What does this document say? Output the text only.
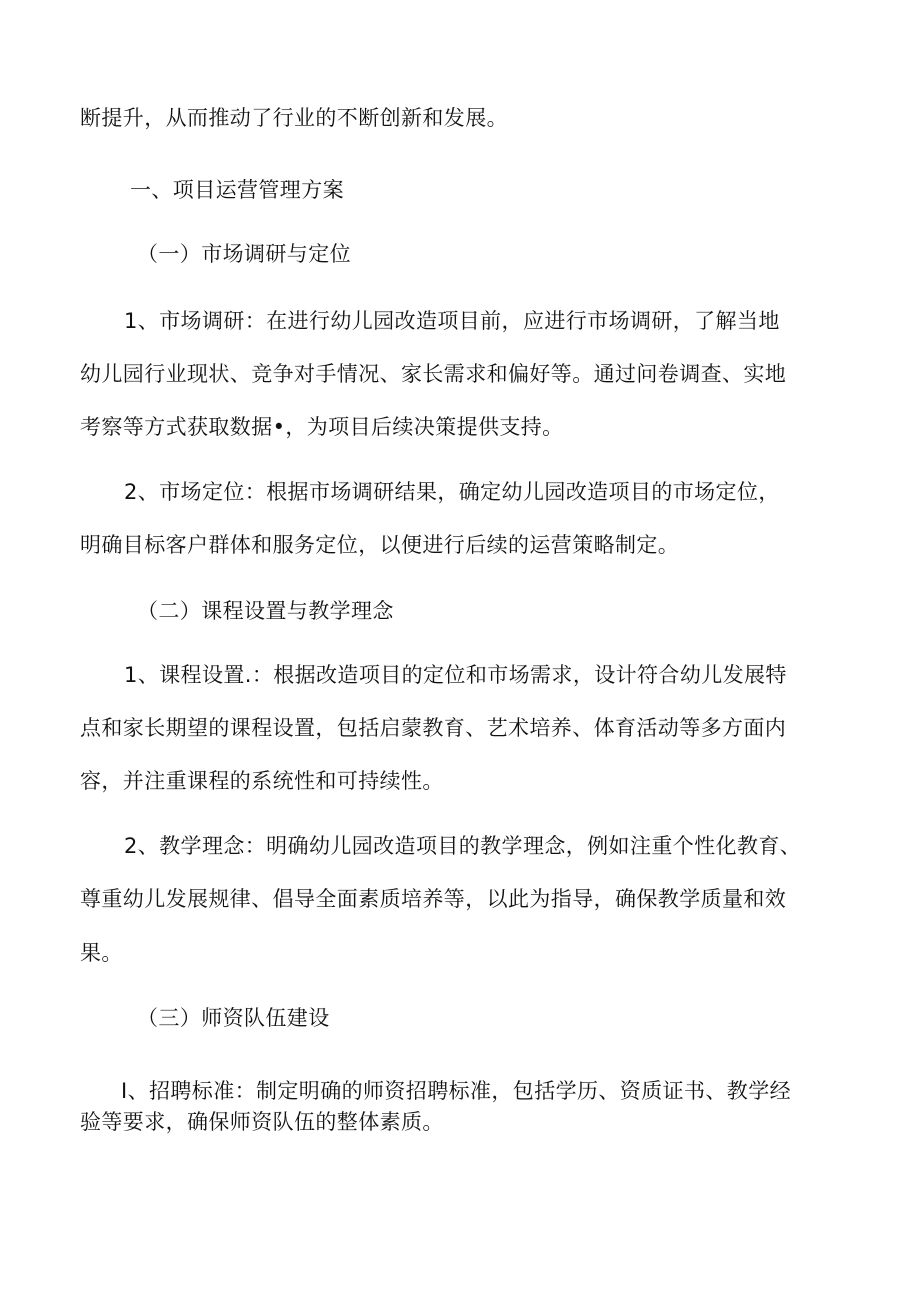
断提升，从而推动了行业的不断创新和发展。
一、项目运营管理方案
（一）市场调研与定位
1、市场调研：在进行幼儿园改造项目前，应进行市场调研，了解当地
幼儿园行业现状、竞争对手情况、家长需求和偏好等。通过问卷调查、实地
考察等方式获取数据•，为项目后续决策提供支持。
2、市场定位：根据市场调研结果，确定幼儿园改造项目的市场定位，
明确目标客户群体和服务定位，以便进行后续的运营策略制定。
（二）课程设置与教学理念
1、课程设置.：根据改造项目的定位和市场需求，设计符合幼儿发展特
点和家长期望的课程设置，包括启蒙教育、艺术培养、体育活动等多方面内
容，并注重课程的系统性和可持续性。
2、教学理念：明确幼儿园改造项目的教学理念，例如注重个性化教育、
尊重幼儿发展规律、倡导全面素质培养等，以此为指导，确保教学质量和效
果。
（三）师资队伍建设
I、招聘标准：制定明确的师资招聘标准，包括学历、资质证书、教学经
验等要求，确保师资队伍的整体素质。
